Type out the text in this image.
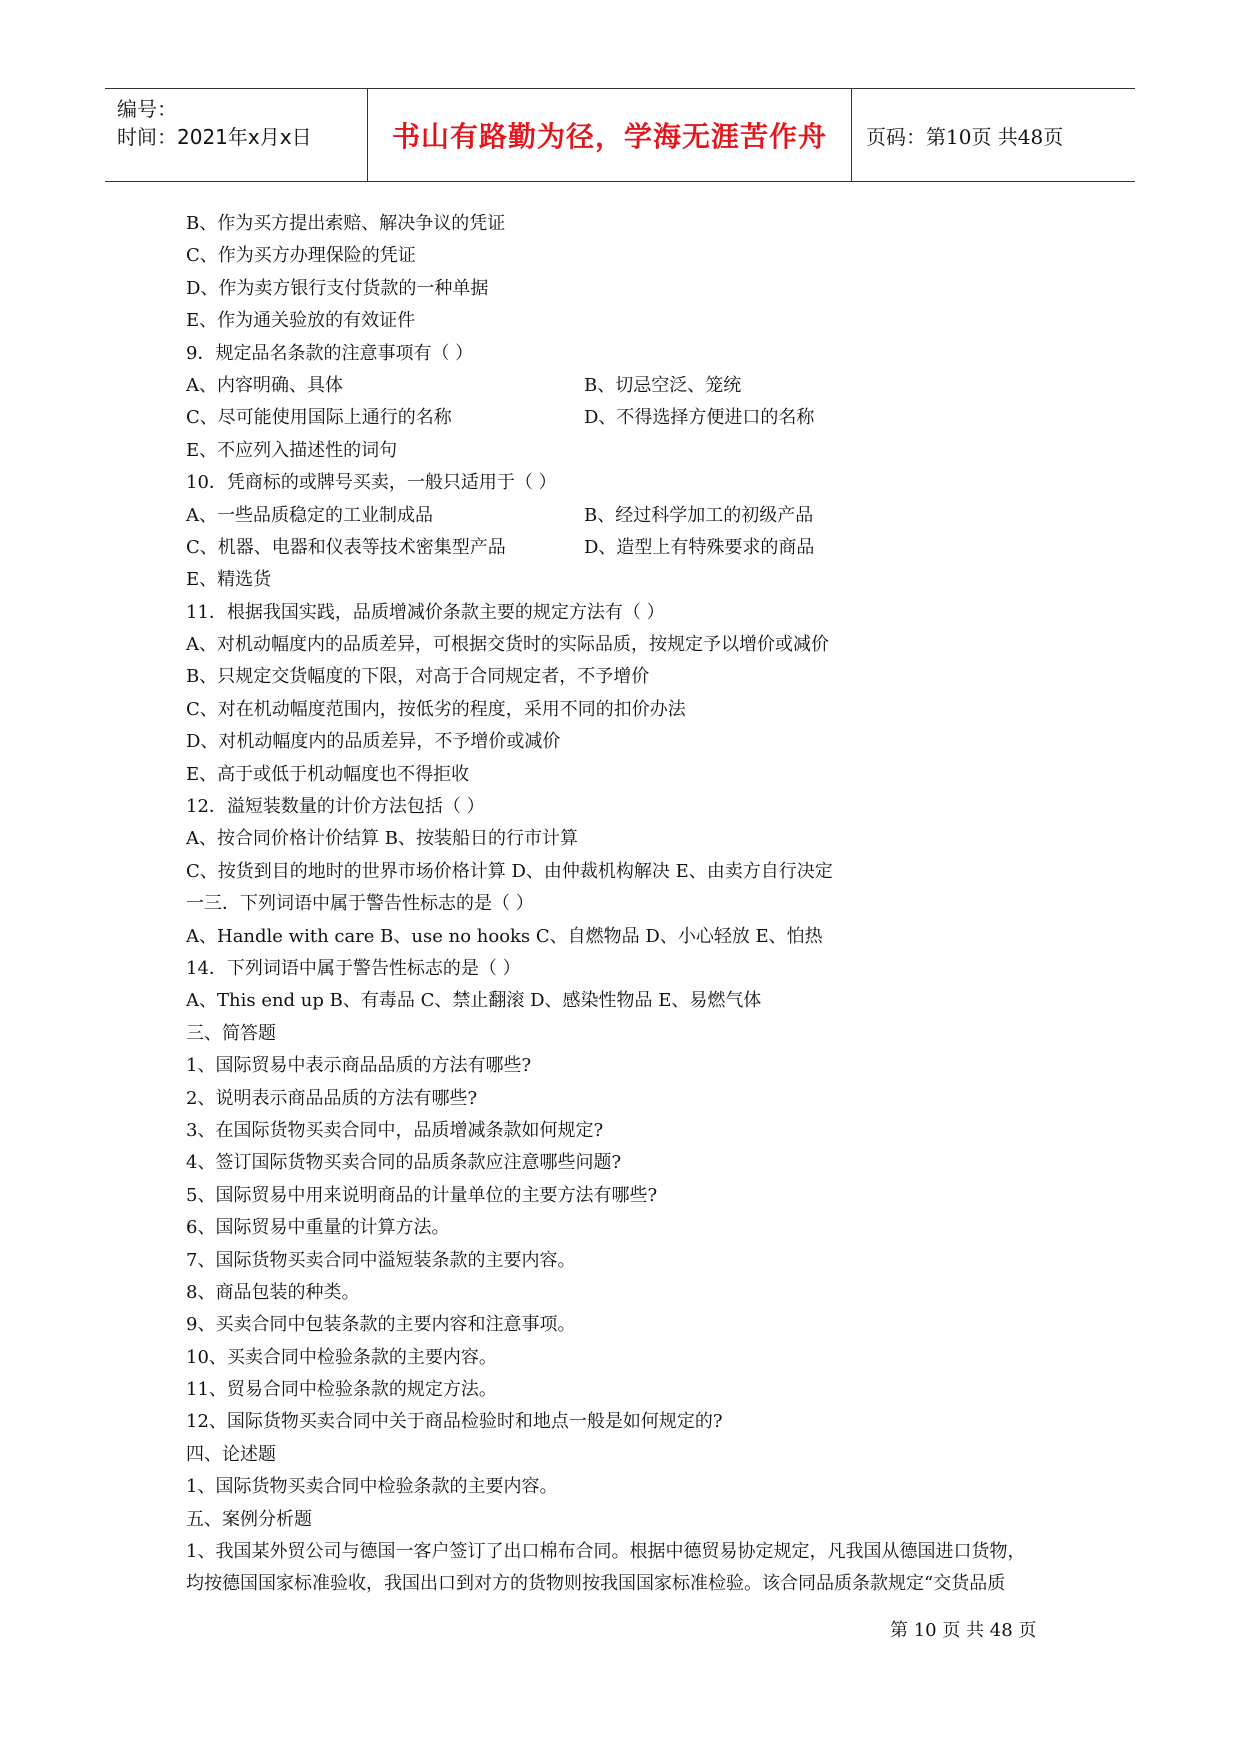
编号：
时间：2021年x月x日	书山有路勤为径，学海无涯苦作舟 页码：第10页 共48页
B、作为买方提出索赔、解决争议的凭证
C、作为买方办理保险的凭证
D、作为卖方银行支付货款的一种单据
E、作为通关验放的有效证件
9．规定品名条款的注意事项有（ ）
A、内容明确、具体	B、切忌空泛、笼统
C、尽可能使用国际上通行的名称	D、不得选择方便进口的名称
E、不应列入描述性的词句
10．凭商标的或牌号买卖，一般只适用于（ ）
A、一些品质稳定的工业制成品	B、经过科学加工的初级产品
C、机器、电器和仪表等技术密集型产品	D、造型上有特殊要求的商品
E、精选货
11．根据我国实践，品质增减价条款主要的规定方法有（ ）
A、对机动幅度内的品质差异，可根据交货时的实际品质，按规定予以增价或减价
B、只规定交货幅度的下限，对高于合同规定者，不予增价
C、对在机动幅度范围内，按低劣的程度，采用不同的扣价办法
D、对机动幅度内的品质差异，不予增价或减价
E、高于或低于机动幅度也不得拒收
12．溢短装数量的计价方法包括（ ）
A、按合同价格计价结算 B、按装船日的行市计算
C、按货到目的地时的世界市场价格计算 D、由仲裁机构解决 E、由卖方自行决定
一三．下列词语中属于警告性标志的是（ ）
A、Handle with care B、use no hooks C、自燃物品 D、小心轻放 E、怕热
14．下列词语中属于警告性标志的是（ ）
A、This end up B、有毒品 C、禁止翻滚 D、感染性物品 E、易燃气体
三、简答题
1、国际贸易中表示商品品质的方法有哪些?
2、说明表示商品品质的方法有哪些?
3、在国际货物买卖合同中，品质增减条款如何规定?
4、签订国际货物买卖合同的品质条款应注意哪些问题?
5、国际贸易中用来说明商品的计量单位的主要方法有哪些?
6、国际贸易中重量的计算方法。
7、国际货物买卖合同中溢短装条款的主要内容。
8、商品包装的种类。
9、买卖合同中包装条款的主要内容和注意事项。
10、买卖合同中检验条款的主要内容。
11、贸易合同中检验条款的规定方法。
12、国际货物买卖合同中关于商品检验时和地点一般是如何规定的?
四、论述题
1、国际货物买卖合同中检验条款的主要内容。
五、案例分析题
1、我国某外贸公司与德国一客户签订了出口棉布合同。根据中德贸易协定规定，凡我国从德国进口货物，
均按德国国家标准验收，我国出口到对方的货物则按我国国家标准检验。该合同品质条款规定“交货品质
第 10 页 共 48 页
